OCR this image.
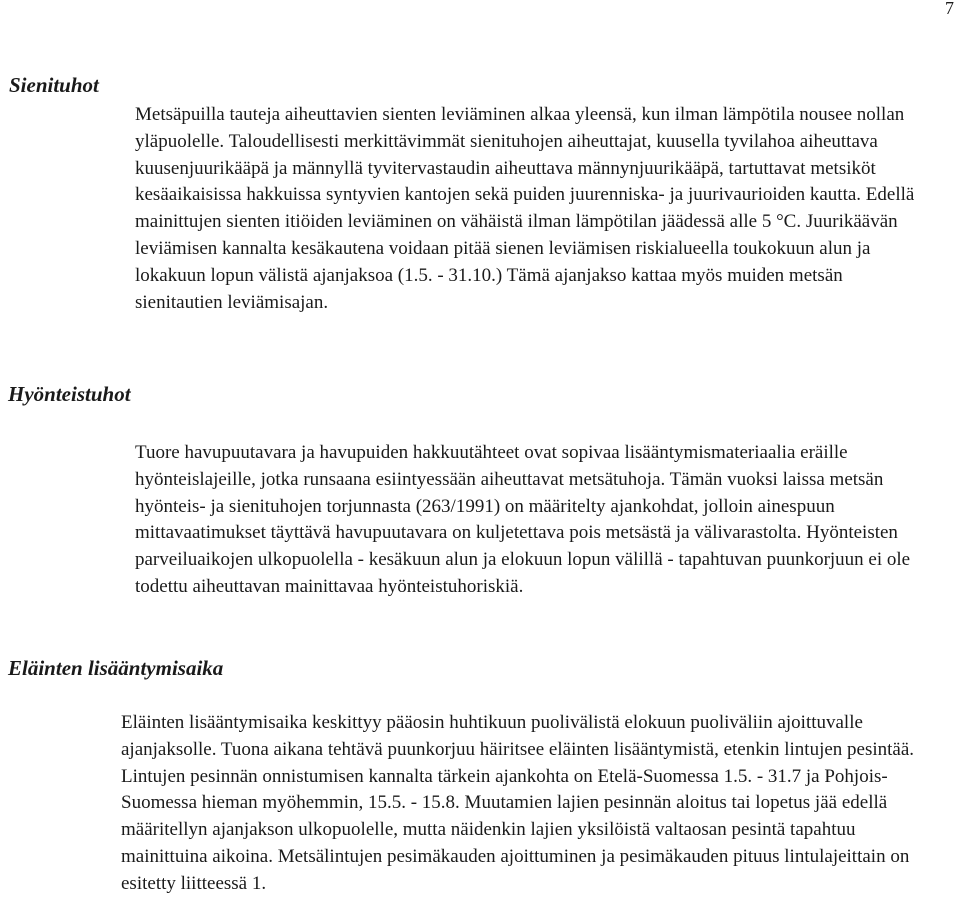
7
Sienituhot

Metsäpuilla tauteja aiheuttavien sienten leviäminen alkaa yleensä, kun ilman lämpötila nousee nollan yläpuolelle. Taloudellisesti merkittävimmät sienituhojen aiheuttajat, kuusella tyvilahoa aiheuttava kuusenjuurikääpä ja männyllä tyvitervastaudin aiheuttava männynjuurikääpä, tartuttavat metsiköt kesäaikaisissa hakkuissa syntyvien kantojen sekä puiden juurenniska- ja juurivaurioiden kautta. Edellä mainittujen sienten itiöiden leviäminen on vähäistä ilman lämpötilan jäädessä alle 5 °C. Juurikäävän leviämisen kannalta kesäkautena voidaan pitää sienen leviämisen riskialueella toukokuun alun ja lokakuun lopun välistä ajanjaksoa (1.5. - 31.10.) Tämä ajanjakso kattaa myös muiden metsän sienitautien leviämisajan.

Hyönteistuhot

Tuore havupuutavara ja havupuiden hakkuutähteet ovat sopivaa lisääntymismateriaalia eräille hyönteislajeille, jotka runsaana esiintyessään aiheuttavat metsätuhoja. Tämän vuoksi laissa metsän hyönteis- ja sienituhojen torjunnasta (263/1991) on määritelty ajankohdat, jolloin ainespuun mittavaatimukset täyttävä havupuutavara on kuljetettava pois metsästä ja välivarastolta. Hyönteisten parveiluaikojen ulkopuolella - kesäkuun alun ja elokuun lopun välillä - tapahtuvan puunkorjuun ei ole todettu aiheuttavan mainittavaa hyönteistuhoriskiä.

Eläinten lisääntymisaika

Eläinten lisääntymisaika keskittyy pääosin huhtikuun puolivälistä elokuun puoliväliin ajoittuvalle ajanjaksolle. Tuona aikana tehtävä puunkorjuu häiritsee eläinten lisääntymistä, etenkin lintujen pesintää. Lintujen pesinnän onnistumisen kannalta tärkein ajankohta on Etelä-Suomessa 1.5. - 31.7 ja Pohjois-Suomessa hieman myöhemmin, 15.5. - 15.8. Muutamien lajien pesinnän aloitus tai lopetus jää edellä määritellyn ajanjakson ulkopuolelle, mutta näidenkin lajien yksilöistä valtaosan pesintä tapahtuu mainittuina aikoina. Metsälintujen pesimäkauden ajoittuminen ja pesimäkauden pituus lintulajeittain on esitetty liitteessä 1.
